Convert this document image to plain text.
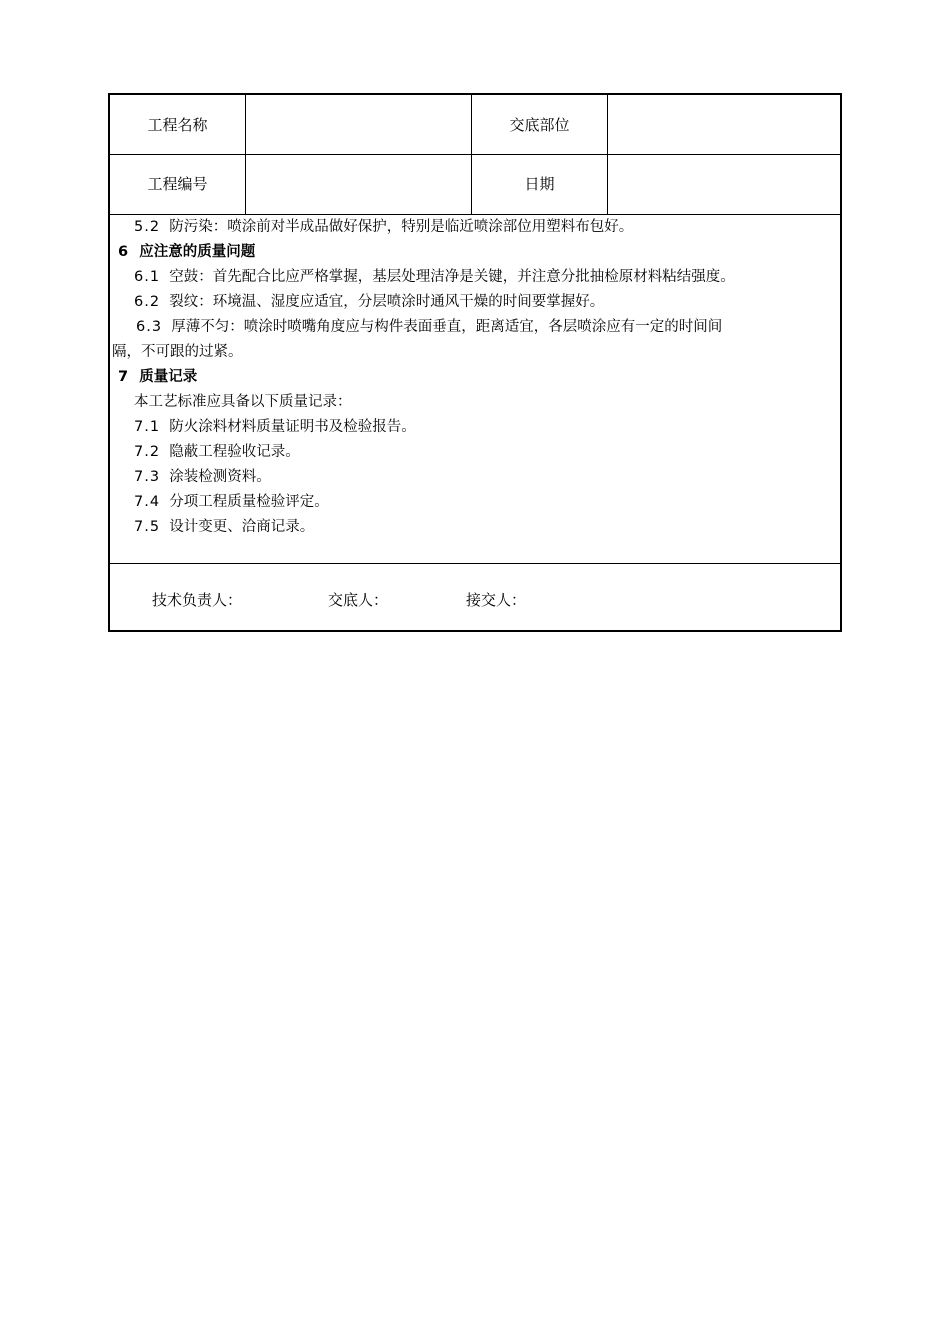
工程名称	交底部位
工程编号	日期
5.2 防污染：喷涂前对半成品做好保护，特别是临近喷涂部位用塑料布包好。
6 应注意的质量问题
6.1 空鼓：首先配合比应严格掌握，基层处理洁净是关键，并注意分批抽检原材料粘结强度。
6.2 裂纹：环境温、湿度应适宜，分层喷涂时通风干燥的时间要掌握好。
6.3 厚薄不匀：喷涂时喷嘴角度应与构件表面垂直，距离适宜，各层喷涂应有一定的时间间
隔，不可跟的过紧。
7 质量记录
本工艺标准应具备以下质量记录：
7.1 防火涂料材料质量证明书及检验报告。
7.2 隐蔽工程验收记录。
7.3 涂装检测资料。
7.4 分项工程质量检验评定。
7.5 设计变更、洽商记录。
技术负责人：	交底人：	接交人：
